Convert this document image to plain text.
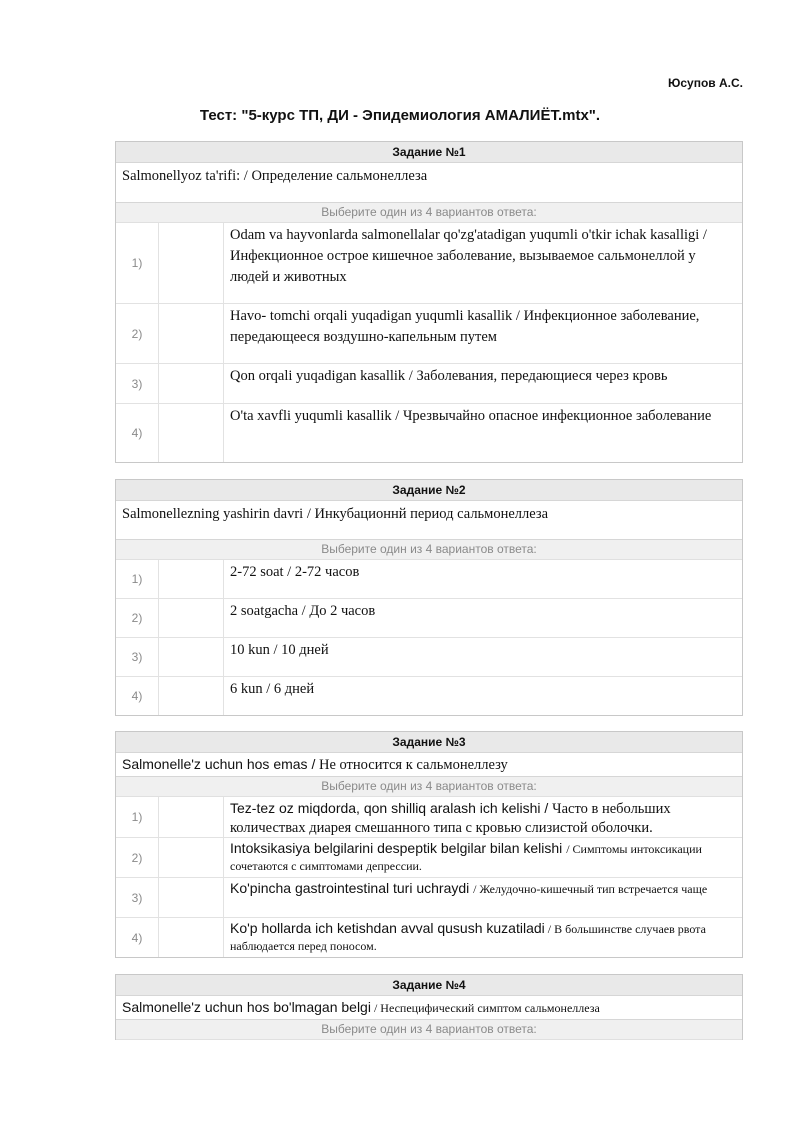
Юсупов А.С.
Тест: "5-курс ТП, ДИ - Эпидемиология АМАЛИЁТ.mtx".
Задание №1
Salmonellyoz ta'rifi: / Определение сальмонеллеза
Выберите один из 4 вариантов ответа:
1)
Odam va hayvonlarda salmonellalar qo'zg'atadigan yuqumli o'tkir ichak kasalligi / Инфекционное острое кишечное заболевание, вызываемое сальмонеллой у людей и животных
2)
Havo- tomchi orqali yuqadigan yuqumli kasallik / Инфекционное заболевание, передающееся воздушно-капельным путем
3)	Qon orqali yuqadigan kasallik / Заболевания, передающиеся через кровь
4)
O'ta xavfli yuqumli kasallik / Чрезвычайно опасное инфекционное заболевание
Задание №2
Salmonellezning yashirin davri / Инкубационнй период сальмонеллеза
Выберите один из 4 вариантов ответа:
1)	2-72 soat / 2-72 часов
2)	2 soatgacha / До 2 часов
3)	10 kun / 10 дней
4)	6 kun / 6 дней
Задание №3
Salmonelle'z uchun hos emas / Не относится к сальмонеллезу
Выберите один из 4 вариантов ответа:
1)
Tez-tez oz miqdorda, qon shilliq aralash ich kelishi / Часто в небольших количествах диарея смешанного типа с кровью слизистой оболочки.
2)
Intoksikasiya belgilarini despeptik belgilar bilan kelishi / Симптомы интоксикации сочетаются с симптомами депрессии.
3)
Ko'pincha gastrointestinal turi uchraydi / Желудочно-кишечный тип встречается чаще
4)
Ko'p hollarda ich ketishdan avval qusush kuzatiladi / В большинстве случаев рвота наблюдается перед поносом.
Задание №4
Salmonelle'z uchun hos bo'lmagan belgi / Неспецифический симптом сальмонеллеза
Выберите один из 4 вариантов ответа:
